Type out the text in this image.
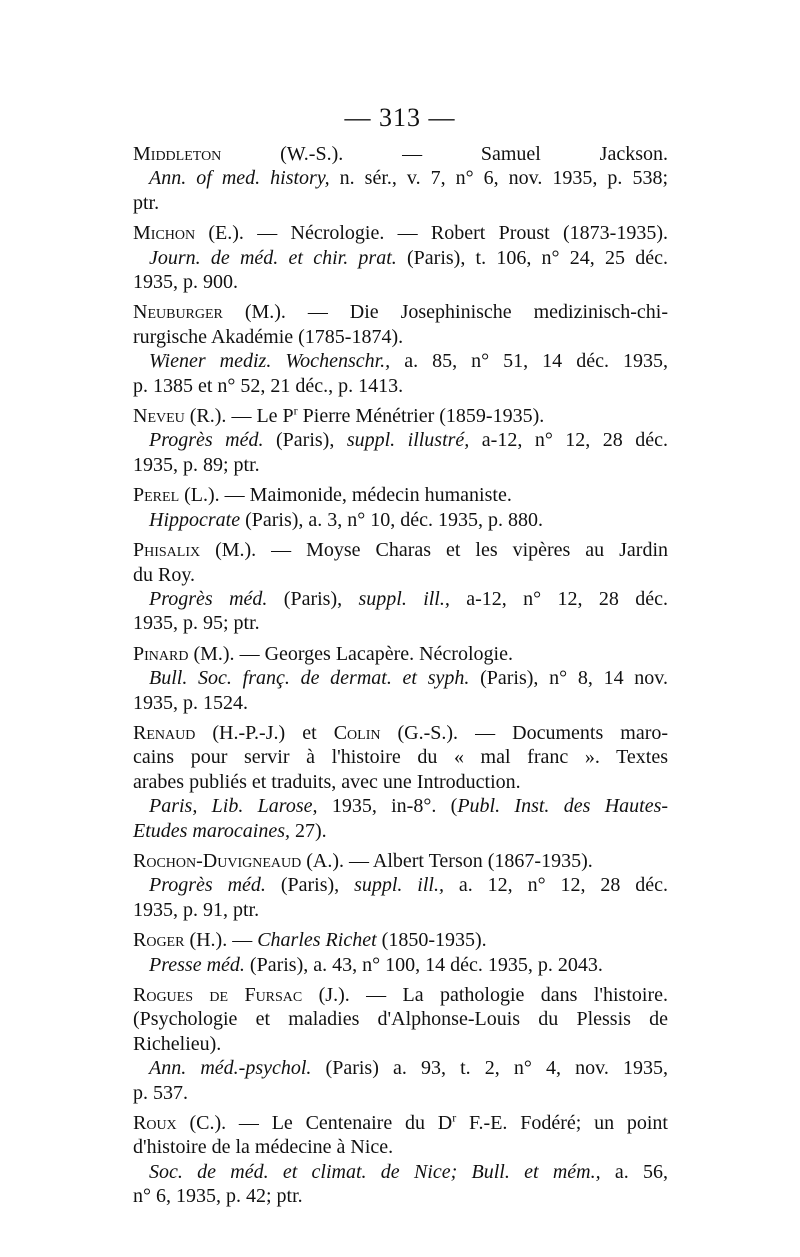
— 313 —
Middleton (W.-S.).	— Samuel Jackson.
Ann. of med. history, n. sér., v. 7, n° 6, nov. 1935, p. 538;
ptr.
Michon (E.). — Nécrologie. — Robert Proust (1873-1935).
Journ. de méd. et chir. prat. (Paris), t. 106, n° 24, 25 déc.
1935, p. 900.
Neuburger (M.). — Die Josephinische medizinisch-chi-
rurgische Akadémie (1785-1874).
Wiener mediz. Wochenschr., a. 85, n° 51, 14 déc. 1935,
p. 1385 et n° 52, 21 déc., p. 1413.
Neveu (R.). — Le $P^r$ Pierre Ménétrier (1859-1935).
Progrès méd. (Paris), suppl. illustré, a-12, n° 12, 28 déc.
1935, p. 89; ptr.
Perel (L.). — Maimonide, médecin humaniste.
Hippocrate (Paris), a. 3, n° 10, déc. 1935, p. 880.
Phisalix (M.). — Moyse Charas et les vipères au Jardin
du Roy.
Progrès méd. (Paris), suppl. ill., a-12, n° 12, 28 déc.
1935, p. 95; ptr.
Pinard (M.). — Georges Lacapère. Nécrologie.
Bull. Soc. franç. de dermat. et syph. (Paris), n° 8, 14 nov.
1935, p. 1524.
Renaud (H.-P.-J.) et Colin (G.-S.). — Documents maro-
cains pour servir à l'histoire du « mal franc ». Textes
arabes publiés et traduits, avec une Introduction.
Paris, Lib. Larose, 1935, in-8°. (Publ. Inst. des Hautes-
Etudes marocaines, 27).
Rochon-Duvigneaud (A.). — Albert Terson (1867-1935).
Progrès méd. (Paris), suppl. ill., a. 12, n° 12, 28 déc.
1935, p. 91, ptr.
Roger (H.). — Charles Richet (1850-1935).
Presse méd. (Paris), a. 43, n° 100, 14 déc. 1935, p. 2043.
Rogues de Fursac (J.). — La pathologie dans l'histoire.
(Psychologie et maladies d'Alphonse-Louis du Plessis de
Richelieu).
Ann. méd.-psychol. (Paris) a. 93, t. 2, n° 4, nov. 1935,
p. 537.
Roux (C.). — Le Centenaire du $D^r$ F.-E. Fodéré; un point
d'histoire de la médecine à Nice.
Soc. de méd. et climat. de Nice; Bull. et mém., a. 56,
n° 6, 1935, p. 42; ptr.
